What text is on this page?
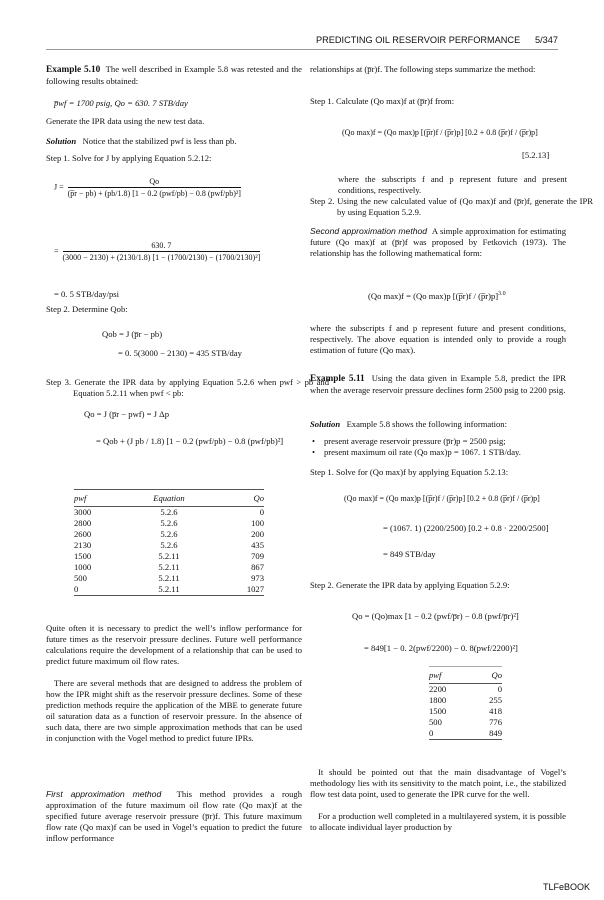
PREDICTING OIL RESERVOIR PERFORMANCE 5/347
Example 5.10 The well described in Example 5.8 was retested and the following results obtained:
p̅wf = 1700 psig, Qo = 630. 7 STB/day
Generate the IPR data using the new test data.
Solution Notice that the stabilized pwf is less than pb.
Step 1. Solve for J by applying Equation 5.2.12:
$J = \frac{Qo}{\text{(p̅r − pb) + (pb/1.8) [1 − 0.2 (pwf/pb) − 0.8 (pwf/pb)²]}}$
= $\frac{630. 7}{\text{(3000 − 2130) + (2130/1.8) [1 − (1700/2130) − (1700/2130)²]}}$
= 0. 5 STB/day/psi
Step 2. Determine Qob:
Qob = J (p̅r − pb)
= 0. 5(3000 − 2130) = 435 STB/day
Step 3. Generate the IPR data by applying Equation 5.2.6 when pwf > pb and Equation 5.2.11 when pwf < pb:
Qo = J (p̅r − pwf) = J Δp
= Qob + (J pb / 1.8) [1 − 0.2 (pwf/pb) − 0.8 (pwf/pb)²]
pwf	Equation	Qo
3000	5.2.6	0
2800	5.2.6	100
2600	5.2.6	200
2130	5.2.6	435
1500	5.2.11	709
1000	5.2.11	867
500	5.2.11	973
0	5.2.11	1027
Quite often it is necessary to predict the well’s inflow performance for future times as the reservoir pressure declines. Future well performance calculations require the development of a relationship that can be used to predict future maximum oil flow rates.
There are several methods that are designed to address the problem of how the IPR might shift as the reservoir pressure declines. Some of these prediction methods require the application of the MBE to generate future oil saturation data as a function of reservoir pressure. In the absence of such data, there are two simple approximation methods that can be used in conjunction with the Vogel method to predict future IPRs.
First approximation method This method provides a rough approximation of the future maximum oil flow rate (Qo max)f at the specified future average reservoir pressure (p̅r)f. This future maximum flow rate (Qo max)f can be used in Vogel’s equation to predict the future inflow performance
relationships at (p̅r)f. The following steps summarize the method:
Step 1. Calculate (Qo max)f at (p̅r)f from:
(Qo max)f = (Qo max)p [(p̅r)f / (p̅r)p] [0.2 + 0.8 (p̅r)f / (p̅r)p]
[5.2.13]
where the subscripts f and p represent future and present conditions, respectively.
Step 2. Using the new calculated value of (Qo max)f and (p̅r)f, generate the IPR by using Equation 5.2.9.
Second approximation method A simple approximation for estimating future (Qo max)f at (p̅r)f was proposed by Fetkovich (1973). The relationship has the following mathematical form:
(Qo max)f = (Qo max)p [(p̅r)f / (p̅r)p]$^{3.0}$
where the subscripts f and p represent future and present conditions, respectively. The above equation is intended only to provide a rough estimation of future (Qo max).
Example 5.11 Using the data given in Example 5.8, predict the IPR when the average reservoir pressure declines form 2500 psig to 2200 psig.
Solution Example 5.8 shows the following information:
• present average reservoir pressure (p̅r)p = 2500 psig;
• present maximum oil rate (Qo max)p = 1067. 1 STB/day.
Step 1. Solve for (Qo max)f by applying Equation 5.2.13:
(Qo max)f = (Qo max)p [(p̅r)f / (p̅r)p] [0.2 + 0.8 (p̅r)f / (p̅r)p]
= (1067. 1) (2200/2500) [0.2 + 0.8 · 2200/2500]
= 849 STB/day
Step 2. Generate the IPR data by applying Equation 5.2.9:
Qo = (Qo)max [1 − 0.2 (pwf/p̅r) − 0.8 (pwf/p̅r)²]
= 849[1 − 0. 2(pwf/2200) − 0. 8(pwf/2200)²]
pwf	Qo
2200	0
1800	255
1500	418
500	776
0	849
It should be pointed out that the main disadvantage of Vogel’s methodology lies with its sensitivity to the match point, i.e., the stabilized flow test data point, used to generate the IPR curve for the well.
For a production well completed in a multilayered system, it is possible to allocate individual layer production by
TLFeBOOK
